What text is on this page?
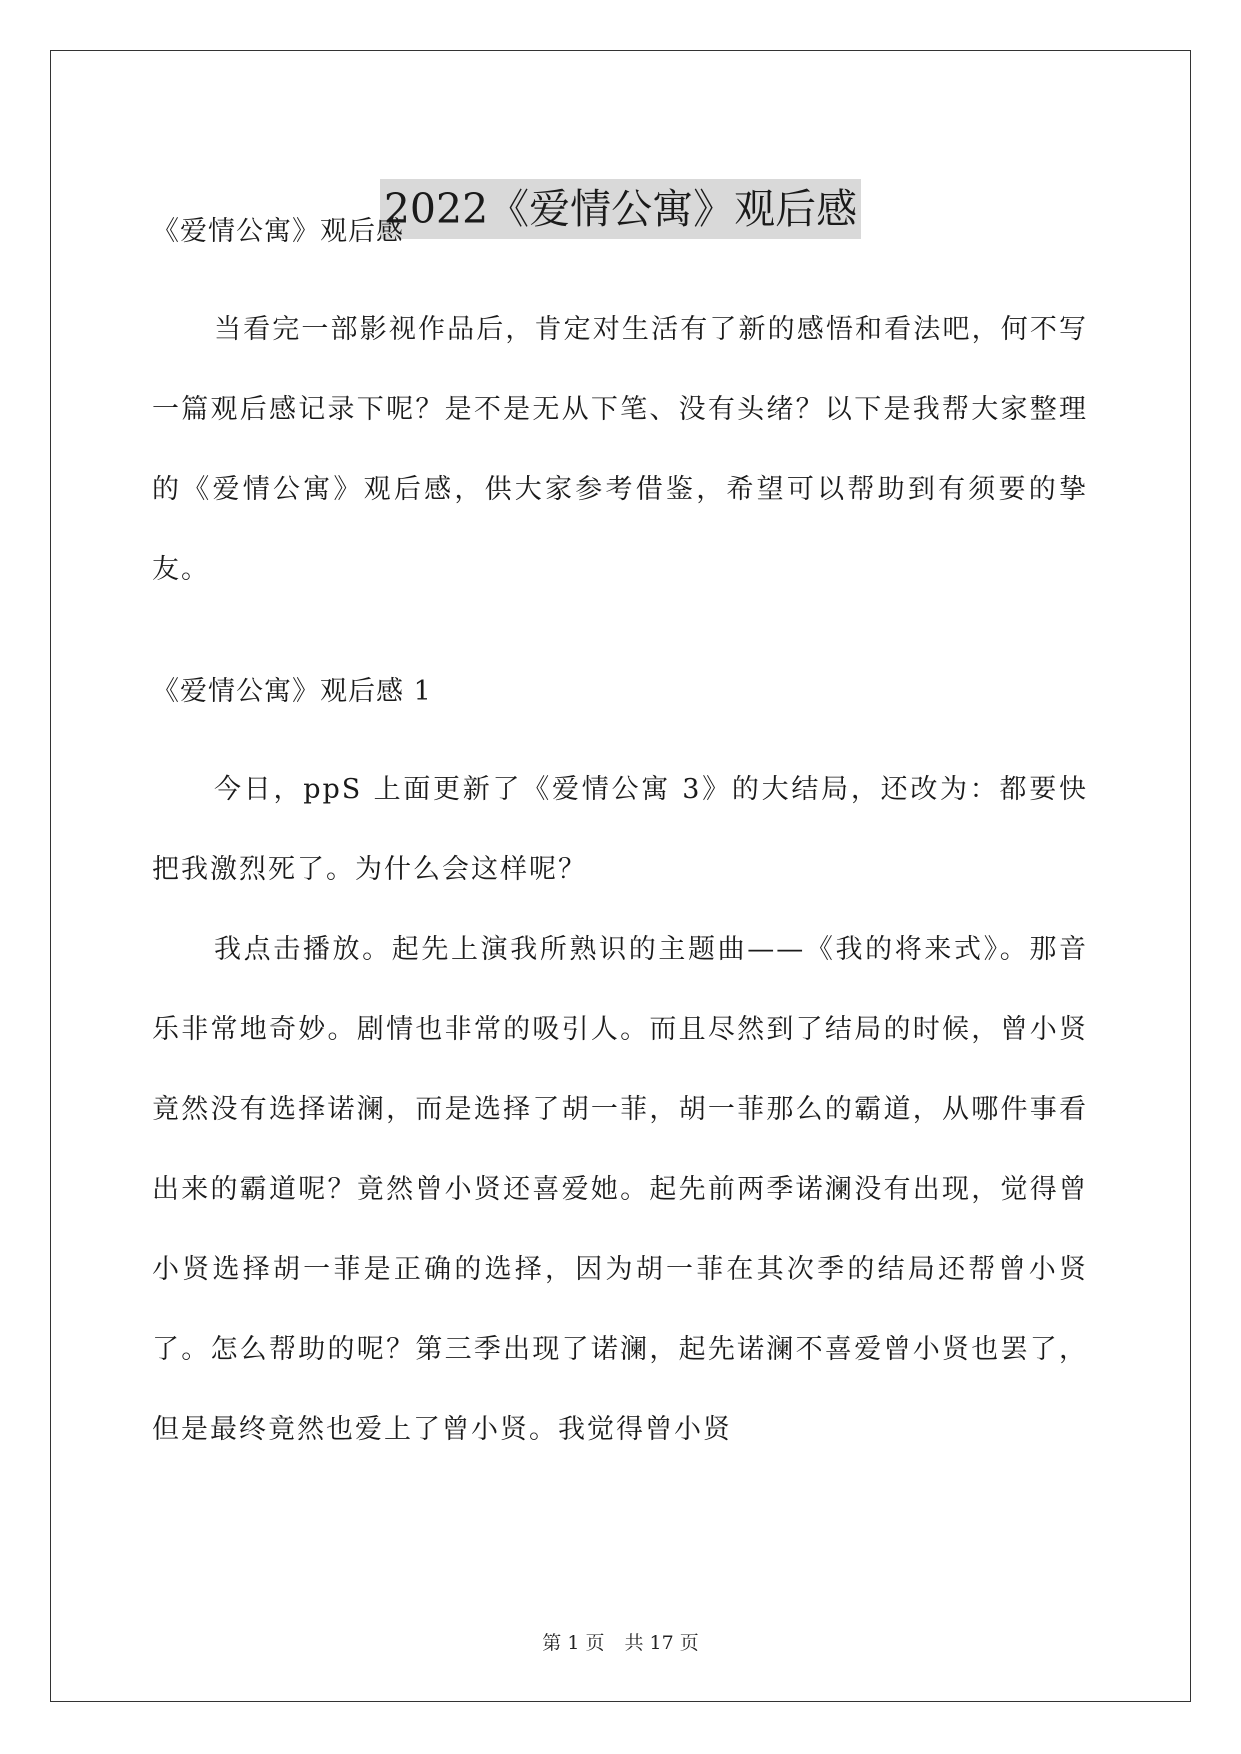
2022《爱情公寓》观后感
《爱情公寓》观后感

当看完一部影视作品后，肯定对生活有了新的感悟和看法吧，何不写一篇观后感记录下呢？是不是无从下笔、没有头绪？以下是我帮大家整理的《爱情公寓》观后感，供大家参考借鉴，希望可以帮助到有须要的挚友。

《爱情公寓》观后感 1

今日，ppS 上面更新了《爱情公寓 3》的大结局，还改为：都要快把我激烈死了。为什么会这样呢？

我点击播放。起先上演我所熟识的主题曲——《我的将来式》。那音乐非常地奇妙。剧情也非常的吸引人。而且尽然到了结局的时候，曾小贤竟然没有选择诺澜，而是选择了胡一菲，胡一菲那么的霸道，从哪件事看出来的霸道呢？竟然曾小贤还喜爱她。起先前两季诺澜没有出现，觉得曾小贤选择胡一菲是正确的选择，因为胡一菲在其次季的结局还帮曾小贤了。怎么帮助的呢？第三季出现了诺澜，起先诺澜不喜爱曾小贤也罢了，但是最终竟然也爱上了曾小贤。我觉得曾小贤

第 1 页 共 17 页
